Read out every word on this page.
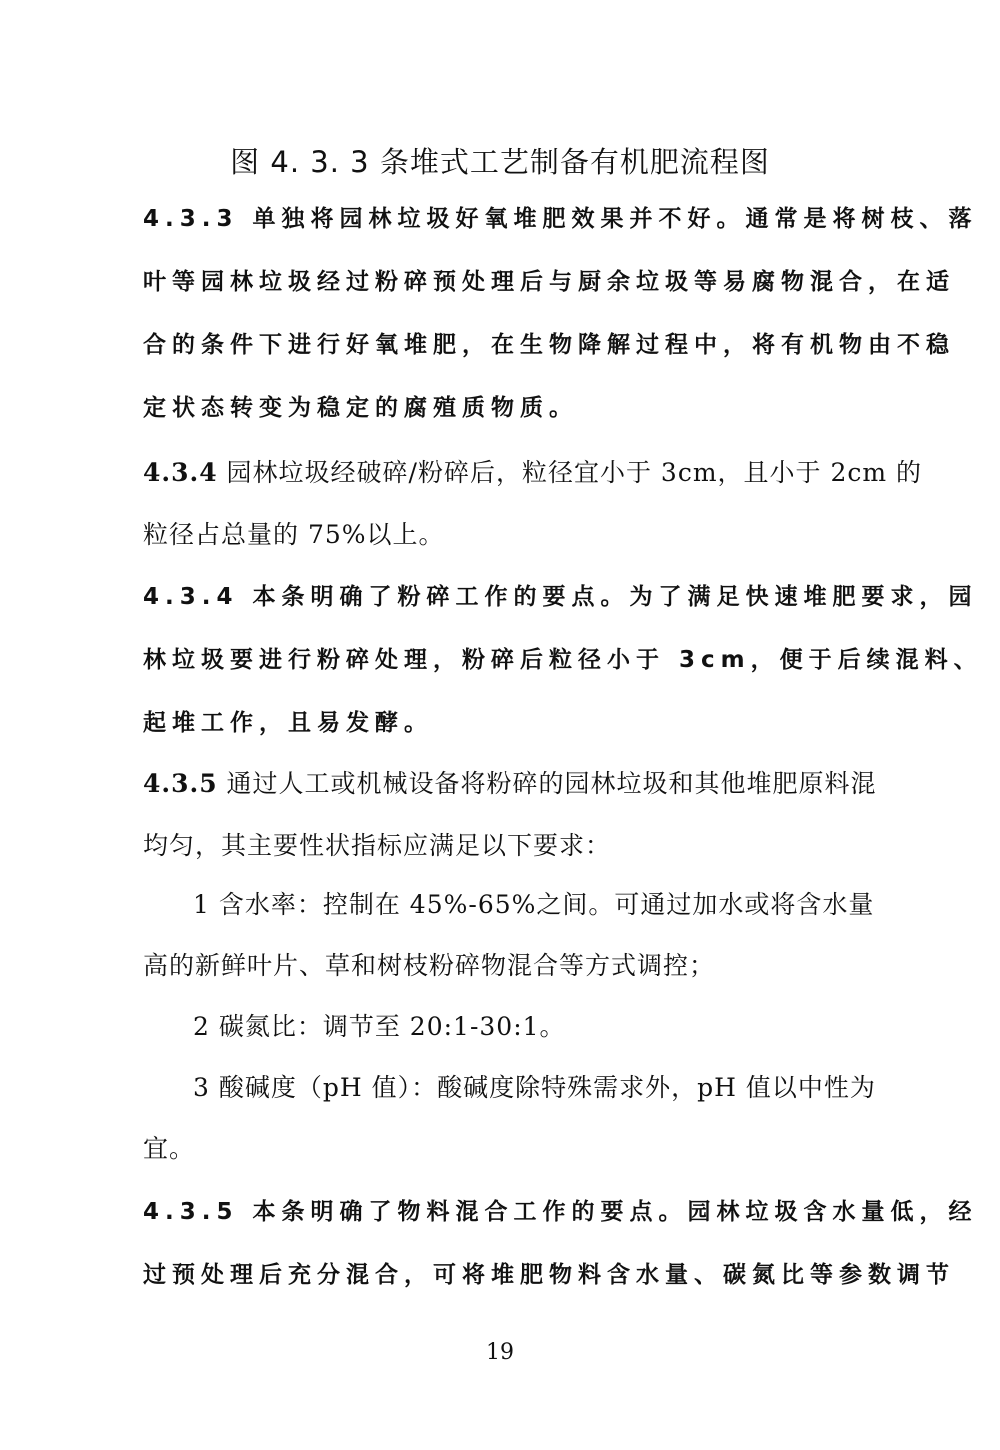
图 4. 3. 3 条堆式工艺制备有机肥流程图
4.3.3 单独将园林垃圾好氧堆肥效果并不好。通常是将树枝、落
叶等园林垃圾经过粉碎预处理后与厨余垃圾等易腐物混合，在适
合的条件下进行好氧堆肥，在生物降解过程中，将有机物由不稳
定状态转变为稳定的腐殖质物质。
4.3.4 园林垃圾经破碎/粉碎后，粒径宜小于 3cm，且小于 2cm 的
粒径占总量的 75%以上。
4.3.4 本条明确了粉碎工作的要点。为了满足快速堆肥要求，园
林垃圾要进行粉碎处理，粉碎后粒径小于 3cm，便于后续混料、
起堆工作，且易发酵。
4.3.5 通过人工或机械设备将粉碎的园林垃圾和其他堆肥原料混
均匀，其主要性状指标应满足以下要求：
1 含水率：控制在 45%-65%之间。可通过加水或将含水量
高的新鲜叶片、草和树枝粉碎物混合等方式调控；
2 碳氮比：调节至 20:1-30:1。
3 酸碱度（pH 值）：酸碱度除特殊需求外，pH 值以中性为
宜。
4.3.5 本条明确了物料混合工作的要点。园林垃圾含水量低，经
过预处理后充分混合，可将堆肥物料含水量、碳氮比等参数调节
19
